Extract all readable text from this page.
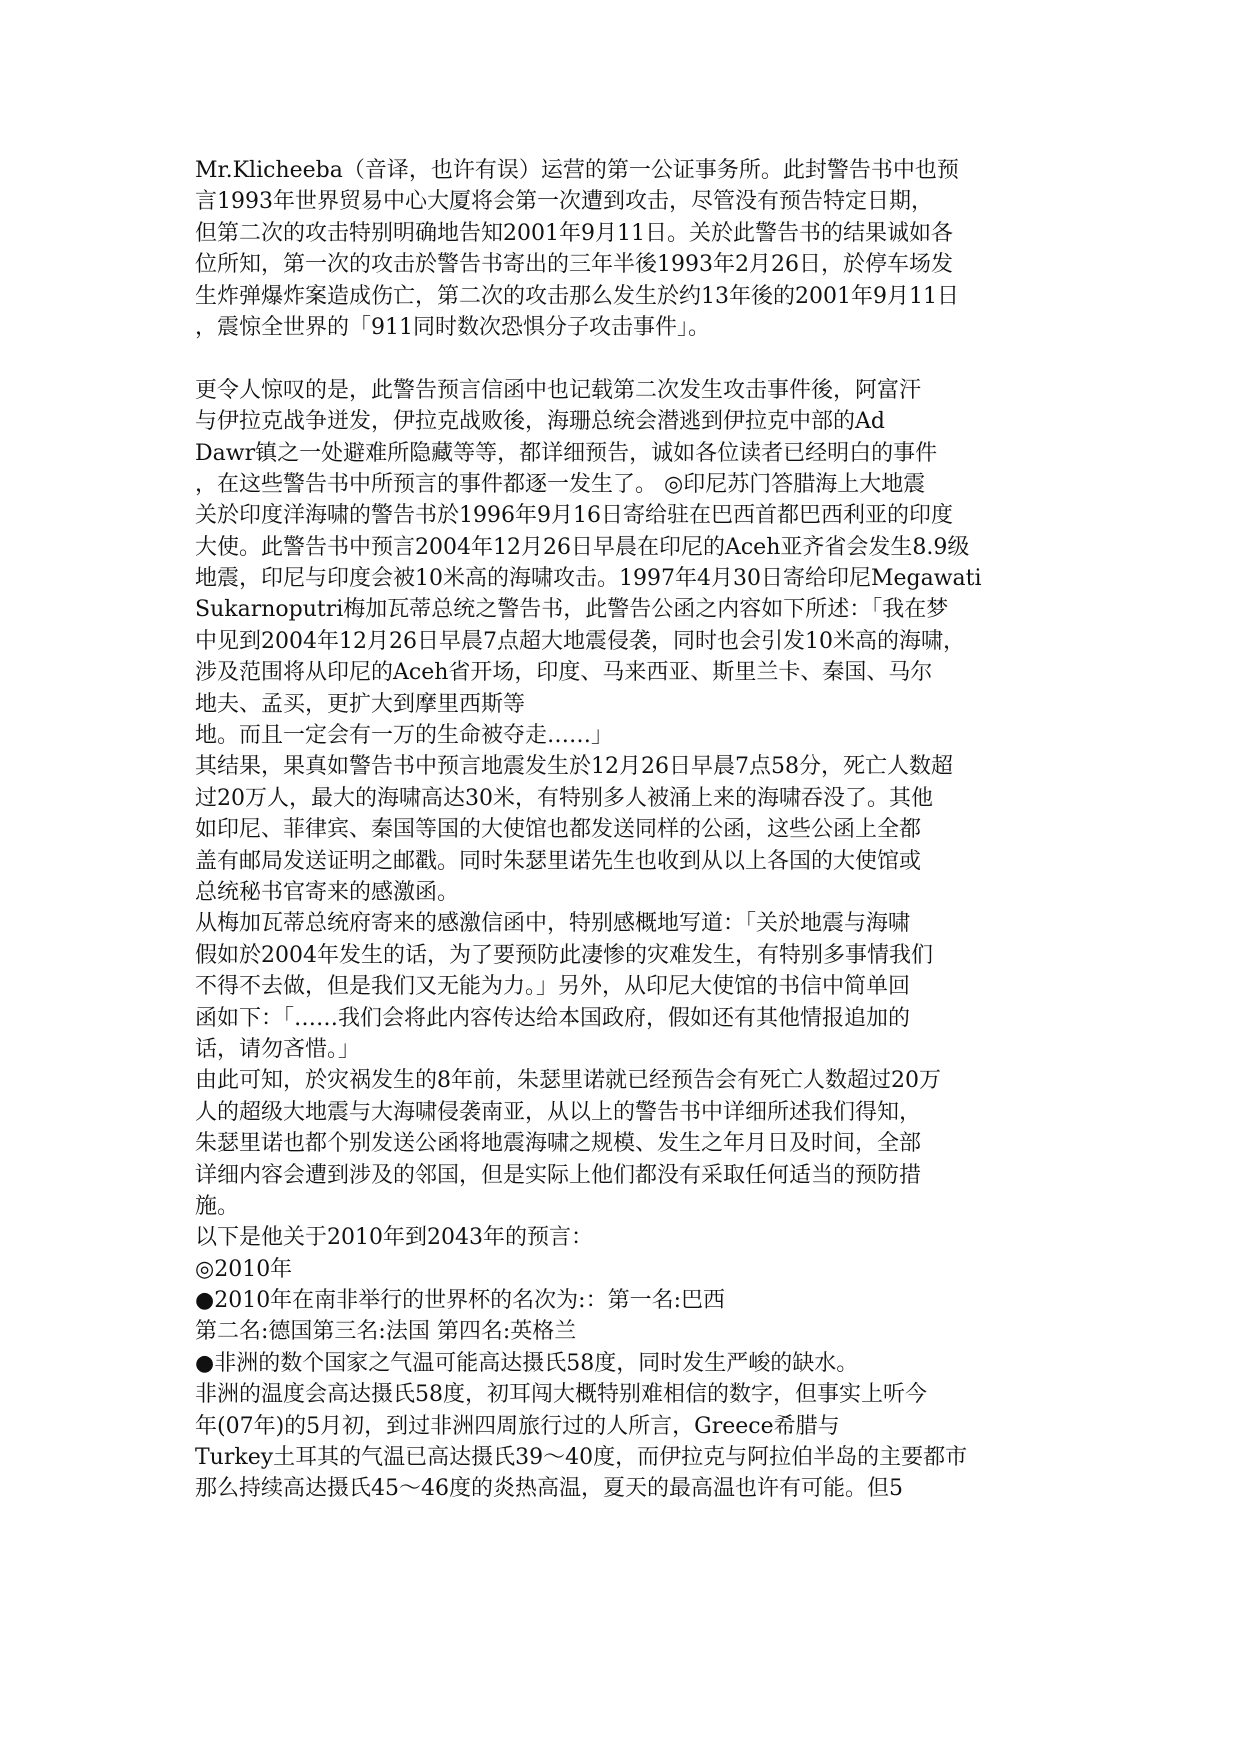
Mr.Klicheeba（音译，也许有误）运营的第一公证事务所。此封警告书中也预
言1993年世界贸易中心大厦将会第一次遭到攻击，尽管没有预告特定日期，
但第二次的攻击特别明确地告知2001年9月11日。关於此警告书的结果诚如各
位所知，第一次的攻击於警告书寄出的三年半後1993年2月26日，於停车场发
生炸弹爆炸案造成伤亡，第二次的攻击那么发生於约13年後的2001年9月11日
，震惊全世界的「911同时数次恐惧分子攻击事件」。
更令人惊叹的是，此警告预言信函中也记载第二次发生攻击事件後，阿富汗
与伊拉克战争迸发，伊拉克战败後，海珊总统会潜逃到伊拉克中部的Ad
Dawr镇之一处避难所隐藏等等，都详细预告，诚如各位读者已经明白的事件
，在这些警告书中所预言的事件都逐一发生了。 ◎印尼苏门答腊海上大地震
关於印度洋海啸的警告书於1996年9月16日寄给驻在巴西首都巴西利亚的印度
大使。此警告书中预言2004年12月26日早晨在印尼的Aceh亚齐省会发生8.9级
地震，印尼与印度会被10米高的海啸攻击。1997年4月30日寄给印尼Megawati
Sukarnoputri梅加瓦蒂总统之警告书，此警告公函之内容如下所述：「我在梦
中见到2004年12月26日早晨7点超大地震侵袭，同时也会引发10米高的海啸，
涉及范围将从印尼的Aceh省开场，印度、马来西亚、斯里兰卡、秦国、马尔
地夫、孟买，更扩大到摩里西斯等
地。而且一定会有一万的生命被夺走……」
其结果，果真如警告书中预言地震发生於12月26日早晨7点58分，死亡人数超
过20万人，最大的海啸高达30米，有特别多人被涌上来的海啸吞没了。其他
如印尼、菲律宾、秦国等国的大使馆也都发送同样的公函，这些公函上全都
盖有邮局发送证明之邮戳。同时朱瑟里诺先生也收到从以上各国的大使馆或
总统秘书官寄来的感激函。
从梅加瓦蒂总统府寄来的感激信函中，特别感概地写道：「关於地震与海啸
假如於2004年发生的话，为了要预防此凄惨的灾难发生，有特别多事情我们
不得不去做，但是我们又无能为力。」另外，从印尼大使馆的书信中简单回
函如下：「……我们会将此内容传达给本国政府，假如还有其他情报追加的
话，请勿吝惜。」
由此可知，於灾祸发生的8年前，朱瑟里诺就已经预告会有死亡人数超过20万
人的超级大地震与大海啸侵袭南亚，从以上的警告书中详细所述我们得知，
朱瑟里诺也都个别发送公函将地震海啸之规模、发生之年月日及时间，全部
详细内容会遭到涉及的邻国，但是实际上他们都没有采取任何适当的预防措
施。
以下是他关于2010年到2043年的预言：
◎2010年
●2010年在南非举行的世界杯的名次为:：第一名:巴西
第二名:德国第三名:法国 第四名:英格兰
●非洲的数个国家之气温可能高达摄氏58度，同时发生严峻的缺水。
非洲的温度会高达摄氏58度，初耳闯大概特别难相信的数字，但事实上听今
年(07年)的5月初，到过非洲四周旅行过的人所言，Greece希腊与
Turkey土耳其的气温已高达摄氏39～40度，而伊拉克与阿拉伯半岛的主要都市
那么持续高达摄氏45～46度的炎热高温，夏天的最高温也许有可能。但5
